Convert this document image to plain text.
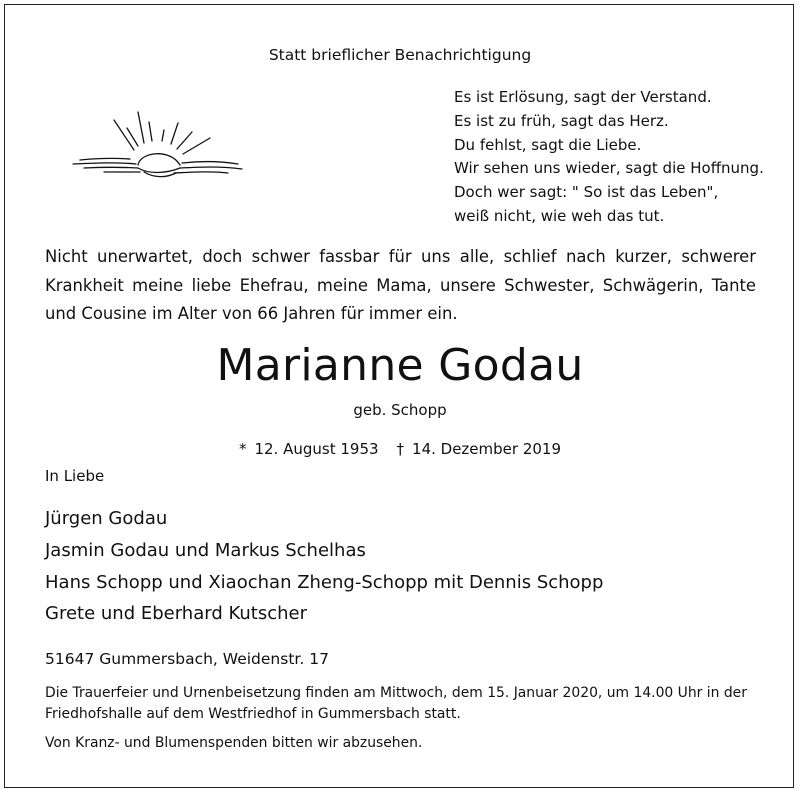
Statt brieflicher Benachrichtigung
Es ist Erlösung, sagt der Verstand.
Es ist zu früh, sagt das Herz.
Du fehlst, sagt die Liebe.
Wir sehen uns wieder, sagt die Hoffnung.
Doch wer sagt: " So ist das Leben",
weiß nicht, wie weh das tut.
Nicht unerwartet, doch schwer fassbar für uns alle, schlief nach kurzer, schwerer Krankheit meine liebe Ehefrau, meine Mama, unsere Schwester, Schwägerin, Tante und Cousine im Alter von 66 Jahren für immer ein.
Marianne Godau
geb. Schopp
* 12. August 1953 † 14. Dezember 2019
In Liebe
Jürgen Godau
Jasmin Godau und Markus Schelhas
Hans Schopp und Xiaochan Zheng-Schopp mit Dennis Schopp
Grete und Eberhard Kutscher
51647 Gummersbach, Weidenstr. 17
Die Trauerfeier und Urnenbeisetzung finden am Mittwoch, dem 15. Januar 2020, um 14.00 Uhr in der Friedhofshalle auf dem Westfriedhof in Gummersbach statt.
Von Kranz- und Blumenspenden bitten wir abzusehen.
